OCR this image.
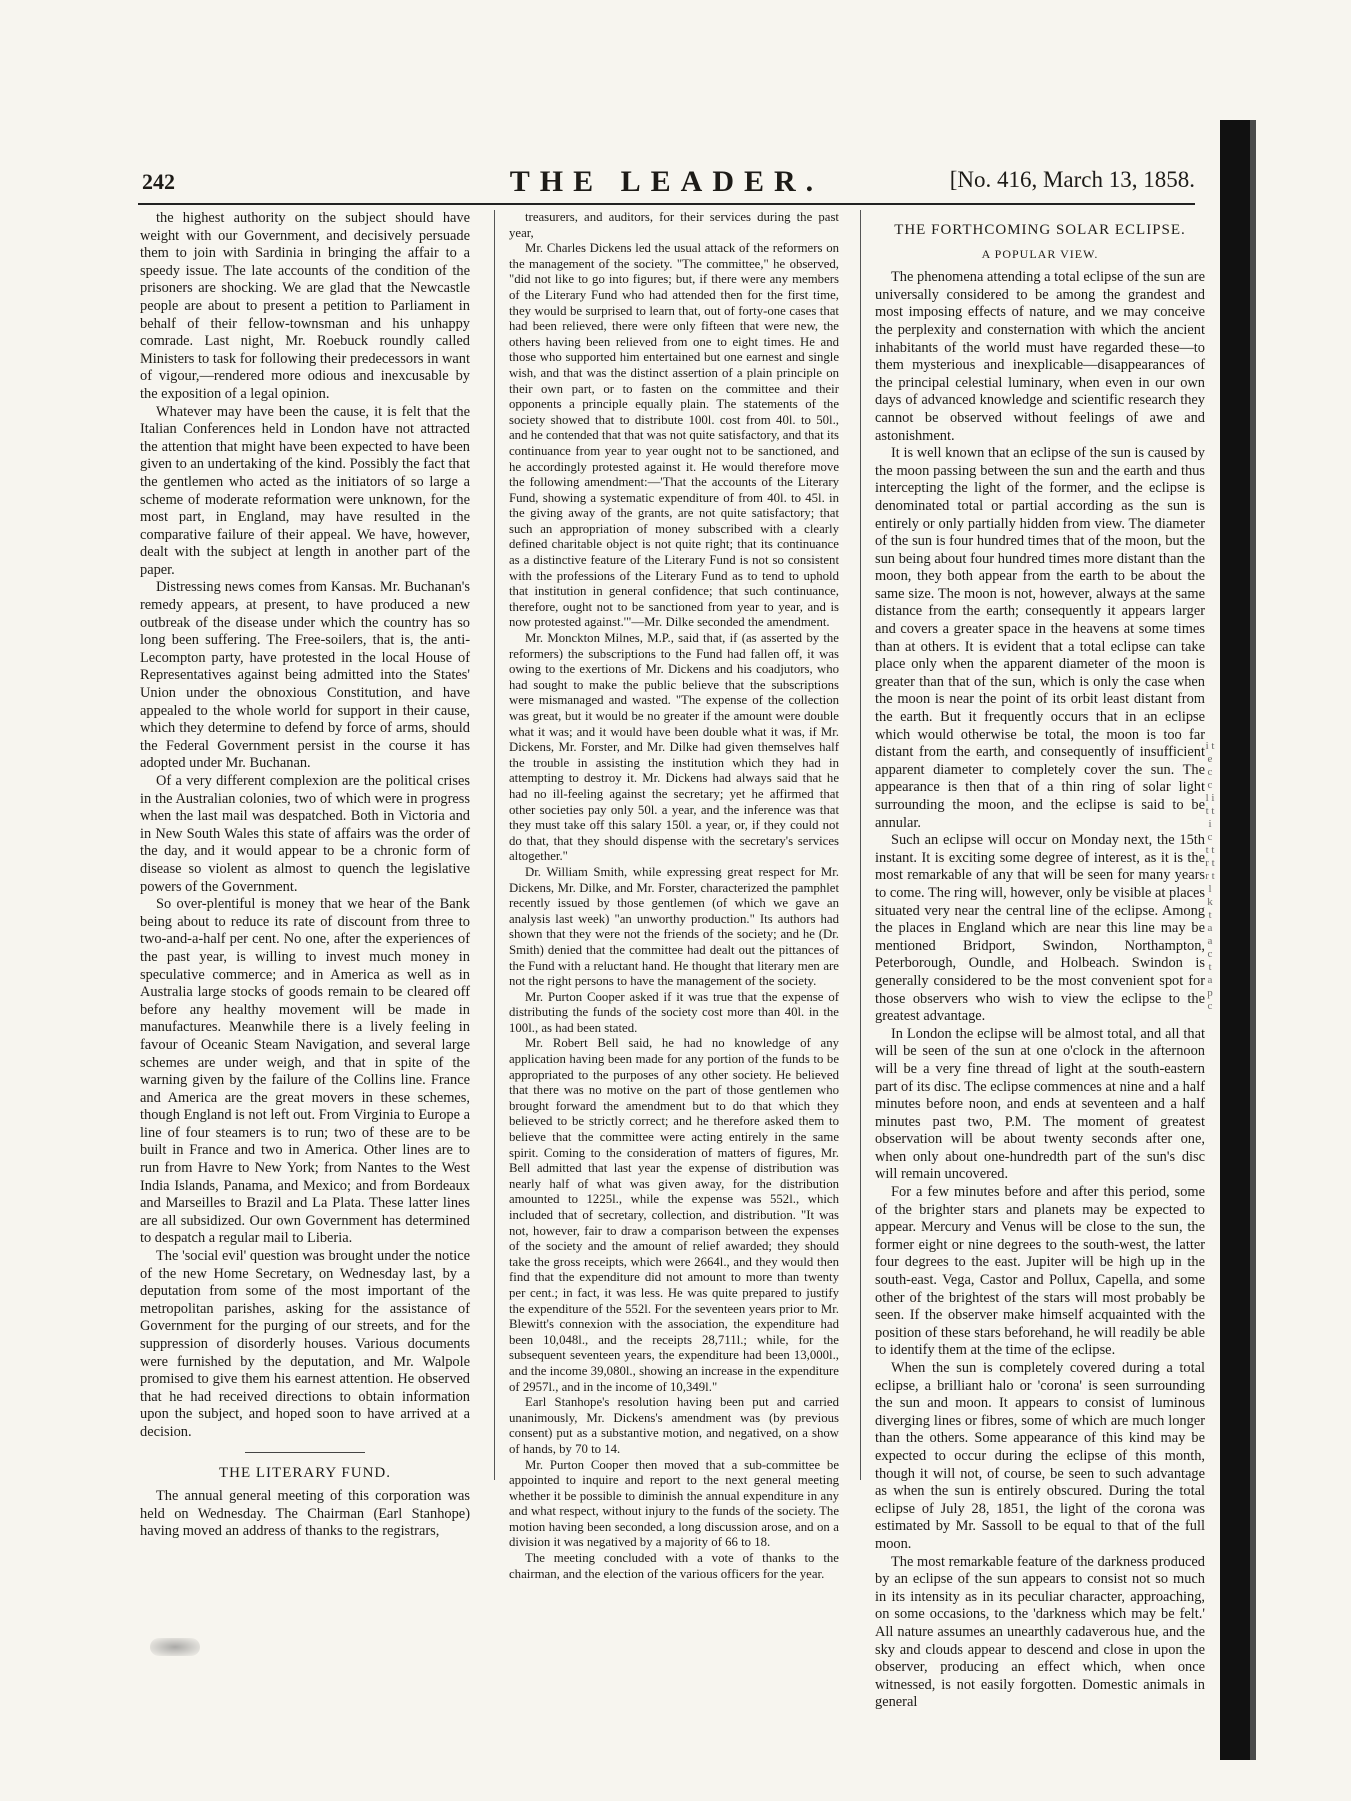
242	THE LEADER.	[No. 416, March 13, 1858.

the highest authority on the subject should have weight with our Government, and decisively persuade them to join with Sardinia in bringing the affair to a speedy issue. The late accounts of the condition of the prisoners are shocking. We are glad that the Newcastle people are about to present a petition to Parliament in behalf of their fellow-townsman and his unhappy comrade. Last night, Mr. Roebuck roundly called Ministers to task for following their predecessors in want of vigour,—rendered more odious and inexcusable by the exposition of a legal opinion.

Whatever may have been the cause, it is felt that the Italian Conferences held in London have not attracted the attention that might have been expected to have been given to an undertaking of the kind. Possibly the fact that the gentlemen who acted as the initiators of so large a scheme of moderate reformation were unknown, for the most part, in England, may have resulted in the comparative failure of their appeal. We have, however, dealt with the subject at length in another part of the paper.

Distressing news comes from Kansas. Mr. Buchanan's remedy appears, at present, to have produced a new outbreak of the disease under which the country has so long been suffering. The Free-soilers, that is, the anti-Lecompton party, have protested in the local House of Representatives against being admitted into the States' Union under the obnoxious Constitution, and have appealed to the whole world for support in their cause, which they determine to defend by force of arms, should the Federal Government persist in the course it has adopted under Mr. Buchanan.

Of a very different complexion are the political crises in the Australian colonies, two of which were in progress when the last mail was despatched. Both in Victoria and in New South Wales this state of affairs was the order of the day, and it would appear to be a chronic form of disease so violent as almost to quench the legislative powers of the Government.

So over-plentiful is money that we hear of the Bank being about to reduce its rate of discount from three to two-and-a-half per cent. No one, after the experiences of the past year, is willing to invest much money in speculative commerce; and in America as well as in Australia large stocks of goods remain to be cleared off before any healthy movement will be made in manufactures. Meanwhile there is a lively feeling in favour of Oceanic Steam Navigation, and several large schemes are under weigh, and that in spite of the warning given by the failure of the Collins line. France and America are the great movers in these schemes, though England is not left out. From Virginia to Europe a line of four steamers is to run; two of these are to be built in France and two in America. Other lines are to run from Havre to New York; from Nantes to the West India Islands, Panama, and Mexico; and from Bordeaux and Marseilles to Brazil and La Plata. These latter lines are all subsidized. Our own Government has determined to despatch a regular mail to Liberia.

The 'social evil' question was brought under the notice of the new Home Secretary, on Wednesday last, by a deputation from some of the most important of the metropolitan parishes, asking for the assistance of Government for the purging of our streets, and for the suppression of disorderly houses. Various documents were furnished by the deputation, and Mr. Walpole promised to give them his earnest attention. He observed that he had received directions to obtain information upon the subject, and hoped soon to have arrived at a decision.

THE LITERARY FUND.

The annual general meeting of this corporation was held on Wednesday. The Chairman (Earl Stanhope) having moved an address of thanks to the registrars,

treasurers, and auditors, for their services during the past year,

Mr. Charles Dickens led the usual attack of the reformers on the management of the society. "The committee," he observed, "did not like to go into figures; but, if there were any members of the Literary Fund who had attended then for the first time, they would be surprised to learn that, out of forty-one cases that had been relieved, there were only fifteen that were new, the others having been relieved from one to eight times. He and those who supported him entertained but one earnest and single wish, and that was the distinct assertion of a plain principle on their own part, or to fasten on the committee and their opponents a principle equally plain. The statements of the society showed that to distribute 100l. cost from 40l. to 50l., and he contended that that was not quite satisfactory, and that its continuance from year to year ought not to be sanctioned, and he accordingly protested against it. He would therefore move the following amendment:—'That the accounts of the Literary Fund, showing a systematic expenditure of from 40l. to 45l. in the giving away of the grants, are not quite satisfactory; that such an appropriation of money subscribed with a clearly defined charitable object is not quite right; that its continuance as a distinctive feature of the Literary Fund is not so consistent with the professions of the Literary Fund as to tend to uphold that institution in general confidence; that such continuance, therefore, ought not to be sanctioned from year to year, and is now protested against.'"—Mr. Dilke seconded the amendment.

Mr. Monckton Milnes, M.P., said that, if (as asserted by the reformers) the subscriptions to the Fund had fallen off, it was owing to the exertions of Mr. Dickens and his coadjutors, who had sought to make the public believe that the subscriptions were mismanaged and wasted. "The expense of the collection was great, but it would be no greater if the amount were double what it was; and it would have been double what it was, if Mr. Dickens, Mr. Forster, and Mr. Dilke had given themselves half the trouble in assisting the institution which they had in attempting to destroy it. Mr. Dickens had always said that he had no ill-feeling against the secretary; yet he affirmed that other societies pay only 50l. a year, and the inference was that they must take off this salary 150l. a year, or, if they could not do that, that they should dispense with the secretary's services altogether."

Dr. William Smith, while expressing great respect for Mr. Dickens, Mr. Dilke, and Mr. Forster, characterized the pamphlet recently issued by those gentlemen (of which we gave an analysis last week) "an unworthy production." Its authors had shown that they were not the friends of the society; and he (Dr. Smith) denied that the committee had dealt out the pittances of the Fund with a reluctant hand. He thought that literary men are not the right persons to have the management of the society.

Mr. Purton Cooper asked if it was true that the expense of distributing the funds of the society cost more than 40l. in the 100l., as had been stated.

Mr. Robert Bell said, he had no knowledge of any application having been made for any portion of the funds to be appropriated to the purposes of any other society. He believed that there was no motive on the part of those gentlemen who brought forward the amendment but to do that which they believed to be strictly correct; and he therefore asked them to believe that the committee were acting entirely in the same spirit. Coming to the consideration of matters of figures, Mr. Bell admitted that last year the expense of distribution was nearly half of what was given away, for the distribution amounted to 1225l., while the expense was 552l., which included that of secretary, collection, and distribution. "It was not, however, fair to draw a comparison between the expenses of the society and the amount of relief awarded; they should take the gross receipts, which were 2664l., and they would then find that the expenditure did not amount to more than twenty per cent.; in fact, it was less. He was quite prepared to justify the expenditure of the 552l. For the seventeen years prior to Mr. Blewitt's connexion with the association, the expenditure had been 10,048l., and the receipts 28,711l.; while, for the subsequent seventeen years, the expenditure had been 13,000l., and the income 39,080l., showing an increase in the expenditure of 2957l., and in the income of 10,349l."

Earl Stanhope's resolution having been put and carried unanimously, Mr. Dickens's amendment was (by previous consent) put as a substantive motion, and negatived, on a show of hands, by 70 to 14.

Mr. Purton Cooper then moved that a sub-committee be appointed to inquire and report to the next general meeting whether it be possible to diminish the annual expenditure in any and what respect, without injury to the funds of the society. The motion having been seconded, a long discussion arose, and on a division it was negatived by a majority of 66 to 18.

The meeting concluded with a vote of thanks to the chairman, and the election of the various officers for the year.

THE FORTHCOMING SOLAR ECLIPSE.
A POPULAR VIEW.

The phenomena attending a total eclipse of the sun are universally considered to be among the grandest and most imposing effects of nature, and we may conceive the perplexity and consternation with which the ancient inhabitants of the world must have regarded these—to them mysterious and inexplicable—disappearances of the principal celestial luminary, when even in our own days of advanced knowledge and scientific research they cannot be observed without feelings of awe and astonishment.

It is well known that an eclipse of the sun is caused by the moon passing between the sun and the earth and thus intercepting the light of the former, and the eclipse is denominated total or partial according as the sun is entirely or only partially hidden from view. The diameter of the sun is four hundred times that of the moon, but the sun being about four hundred times more distant than the moon, they both appear from the earth to be about the same size. The moon is not, however, always at the same distance from the earth; consequently it appears larger and covers a greater space in the heavens at some times than at others. It is evident that a total eclipse can take place only when the apparent diameter of the moon is greater than that of the sun, which is only the case when the moon is near the point of its orbit least distant from the earth. But it frequently occurs that in an eclipse which would otherwise be total, the moon is too far distant from the earth, and consequently of insufficient apparent diameter to completely cover the sun. The appearance is then that of a thin ring of solar light surrounding the moon, and the eclipse is said to be annular.

Such an eclipse will occur on Monday next, the 15th instant. It is exciting some degree of interest, as it is the most remarkable of any that will be seen for many years to come. The ring will, however, only be visible at places situated very near the central line of the eclipse. Among the places in England which are near this line may be mentioned Bridport, Swindon, Northampton, Peterborough, Oundle, and Holbeach. Swindon is generally considered to be the most convenient spot for those observers who wish to view the eclipse to the greatest advantage.

In London the eclipse will be almost total, and all that will be seen of the sun at one o'clock in the afternoon will be a very fine thread of light at the south-eastern part of its disc. The eclipse commences at nine and a half minutes before noon, and ends at seventeen and a half minutes past two, P.M. The moment of greatest observation will be about twenty seconds after one, when only about one-hundredth part of the sun's disc will remain uncovered.

For a few minutes before and after this period, some of the brighter stars and planets may be expected to appear. Mercury and Venus will be close to the sun, the former eight or nine degrees to the south-west, the latter four degrees to the east. Jupiter will be high up in the south-east. Vega, Castor and Pollux, Capella, and some other of the brightest of the stars will most probably be seen. If the observer make himself acquainted with the position of these stars beforehand, he will readily be able to identify them at the time of the eclipse.

When the sun is completely covered during a total eclipse, a brilliant halo or 'corona' is seen surrounding the sun and moon. It appears to consist of luminous diverging lines or fibres, some of which are much longer than the others. Some appearance of this kind may be expected to occur during the eclipse of this month, though it will not, of course, be seen to such advantage as when the sun is entirely obscured. During the total eclipse of July 28, 1851, the light of the corona was estimated by Mr. Sassoll to be equal to that of the full moon.

The most remarkable feature of the darkness produced by an eclipse of the sun appears to consist not so much in its intensity as in its peculiar character, approaching, on some occasions, to the 'darkness which may be felt.' All nature assumes an unearthly cadaverous hue, and the sky and clouds appear to descend and close in upon the observer, producing an effect which, when once witnessed, is not easily forgotten. Domestic animals in general

i t e c c l i t t i c t t r t r t l k t a a c t a p c
